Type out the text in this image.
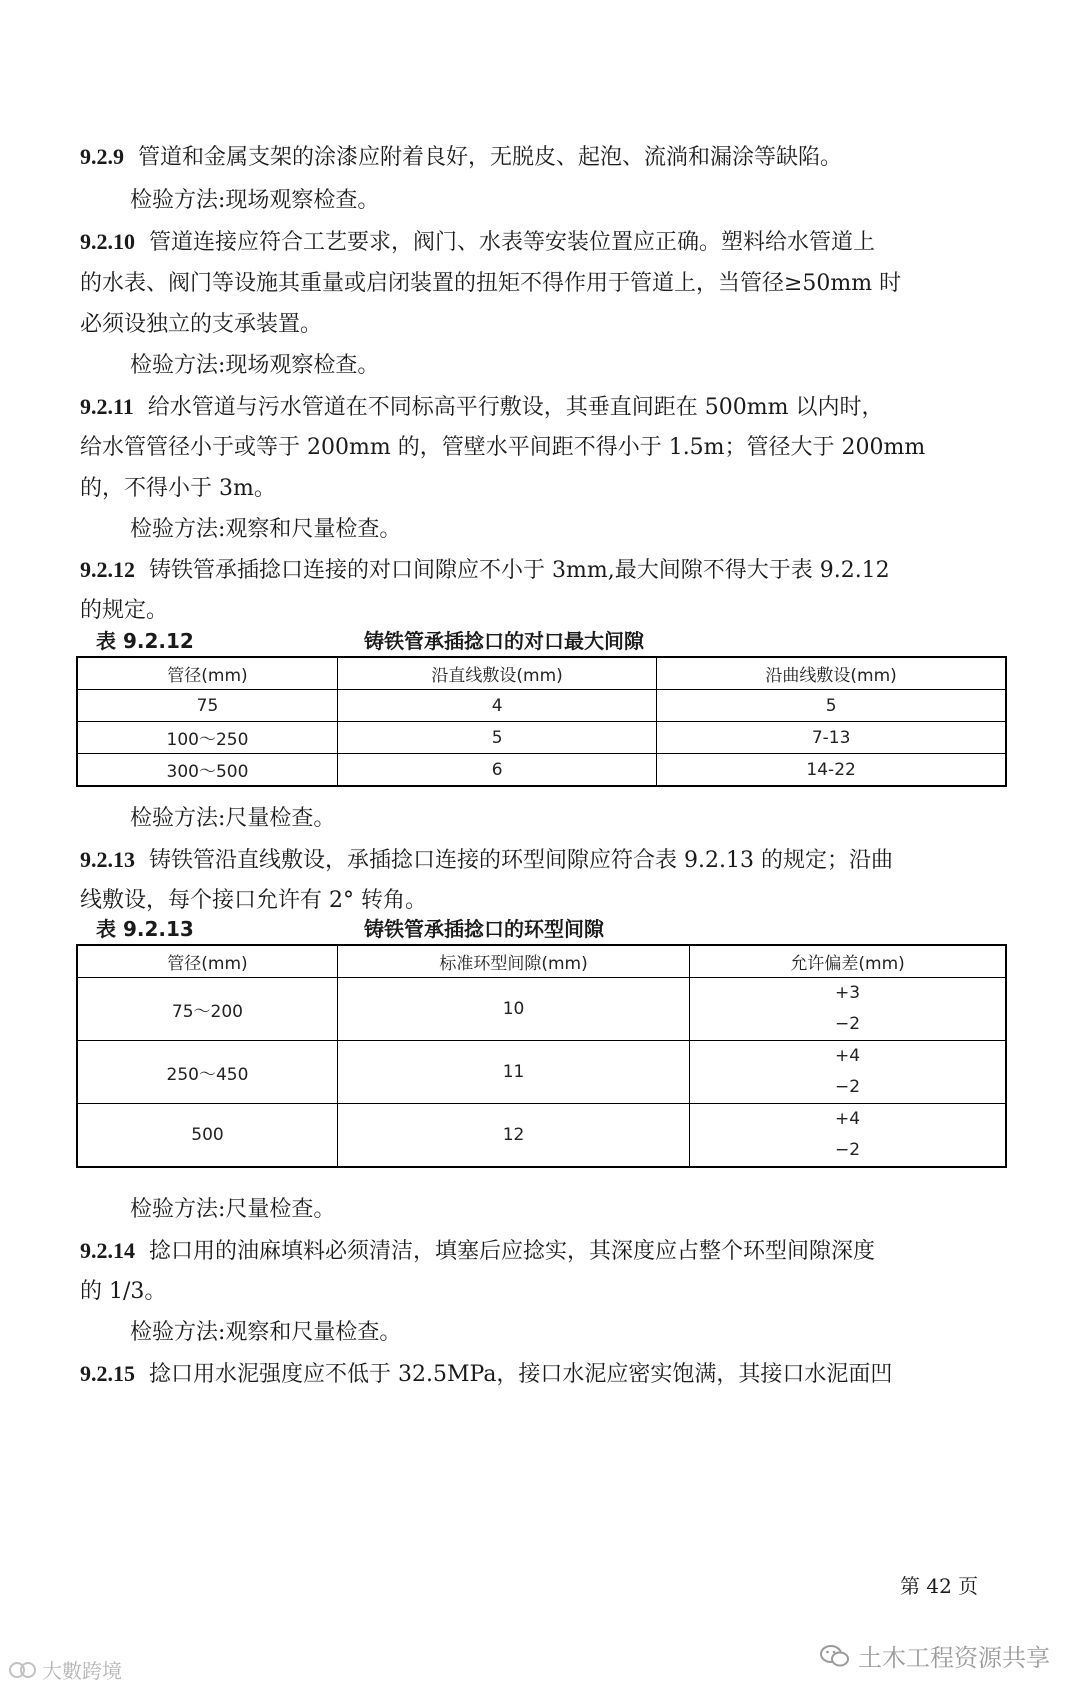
9.2.9 管道和金属支架的涂漆应附着良好，无脱皮、起泡、流淌和漏涂等缺陷。
检验方法:现场观察检查。
9.2.10 管道连接应符合工艺要求，阀门、水表等安装位置应正确。塑料给水管道上
的水表、阀门等设施其重量或启闭装置的扭矩不得作用于管道上，当管径≥50mm 时
必须设独立的支承装置。
检验方法:现场观察检查。
9.2.11 给水管道与污水管道在不同标高平行敷设，其垂直间距在 500mm 以内时，
给水管管径小于或等于 200mm 的，管壁水平间距不得小于 1.5m；管径大于 200mm
的，不得小于 3m。
检验方法:观察和尺量检查。
9.2.12 铸铁管承插捻口连接的对口间隙应不小于 3mm,最大间隙不得大于表 9.2.12
的规定。
表 9.2.12	铸铁管承插捻口的对口最大间隙
管径(mm)	沿直线敷设(mm)	沿曲线敷设(mm)
75	4	5
100～250	5	7-13
300～500	6	14-22
检验方法:尺量检查。
9.2.13 铸铁管沿直线敷设，承插捻口连接的环型间隙应符合表 9.2.13 的规定；沿曲
线敷设，每个接口允许有 2° 转角。
表 9.2.13	铸铁管承插捻口的环型间隙
管径(mm)	标准环型间隙(mm)	允许偏差(mm)
75～200	10	+3
−2

250～450	11	+4
−2

500	12	+4
−2
检验方法:尺量检查。
9.2.14 捻口用的油麻填料必须清洁，填塞后应捻实，其深度应占整个环型间隙深度
的 1/3。
检验方法:观察和尺量检查。
9.2.15 捻口用水泥强度应不低于 32.5MPa，接口水泥应密实饱满，其接口水泥面凹
第 42 页
土木工程资源共享
大數跨境
